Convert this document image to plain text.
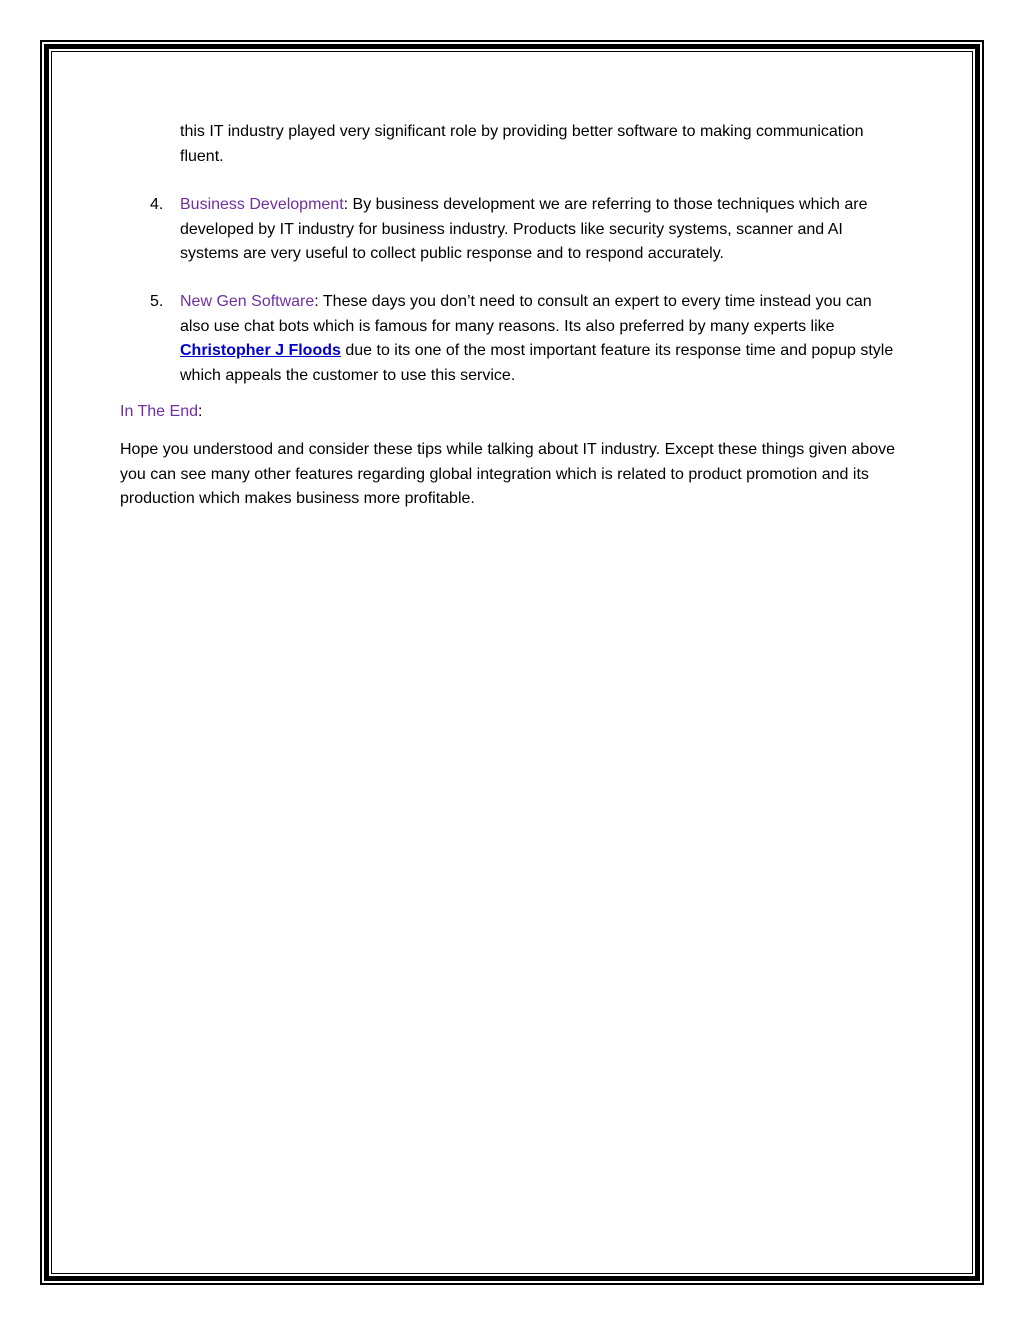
this IT industry played very significant role by providing better software to making communication fluent.

4. Business Development: By business development we are referring to those techniques which are developed by IT industry for business industry. Products like security systems, scanner and AI systems are very useful to collect public response and to respond accurately.
5. New Gen Software: These days you don’t need to consult an expert to every time instead you can also use chat bots which is famous for many reasons. Its also preferred by many experts like Christopher J Floods due to its one of the most important feature its response time and popup style which appeals the customer to use this service.
In The End:

Hope you understood and consider these tips while talking about IT industry. Except these things given above you can see many other features regarding global integration which is related to product promotion and its production which makes business more profitable.
